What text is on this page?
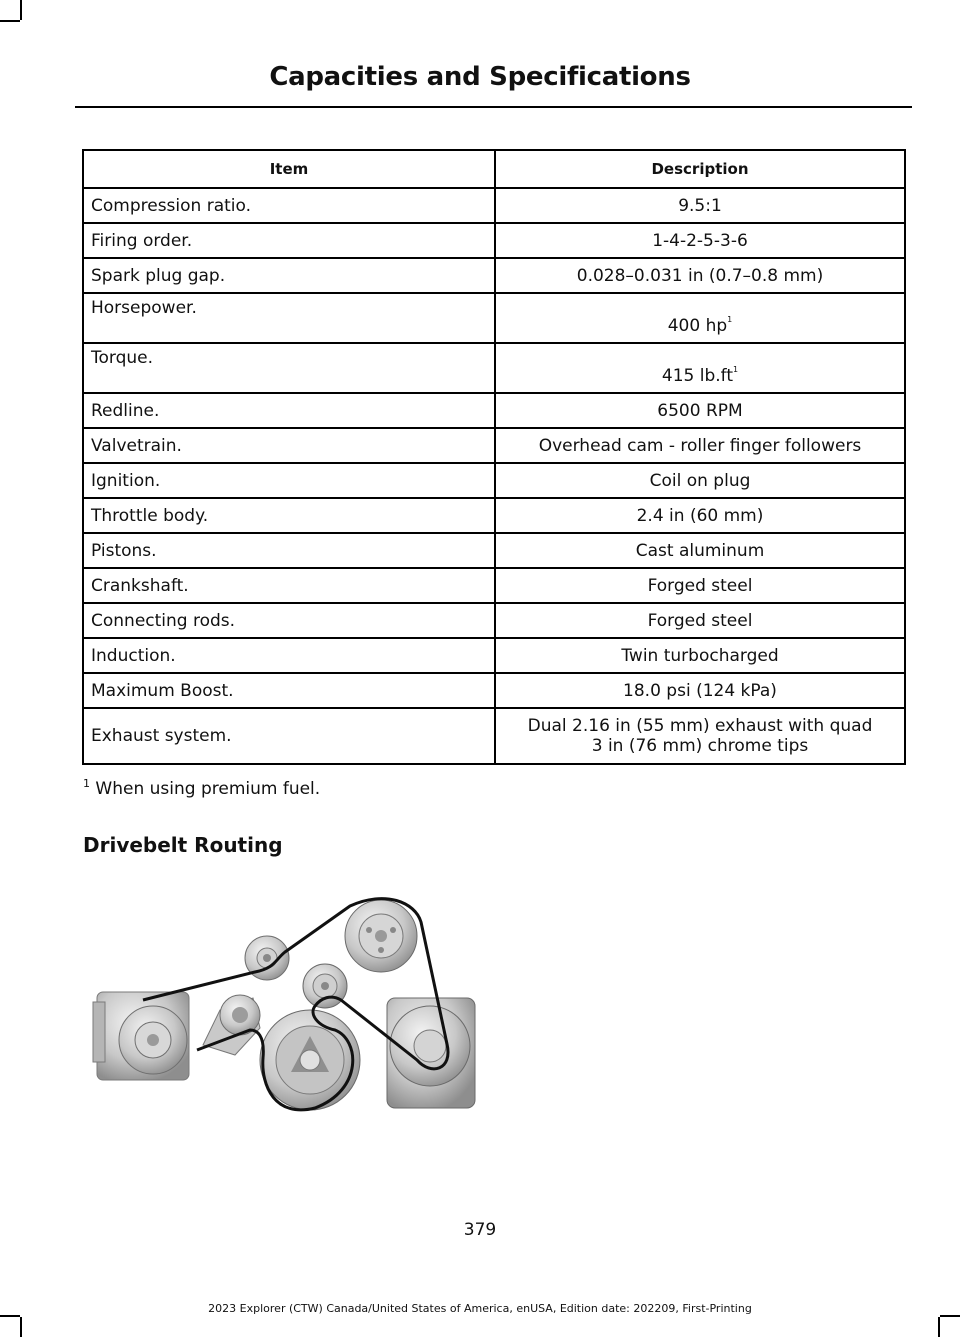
Capacities and Specifications
Item	Description
Compression ratio.	9.5:1
Firing order.	1-4-2-5-3-6
Spark plug gap.	0.028–0.031 in (0.7–0.8 mm)
Horsepower.	400 $hp^1$
Torque.	415 $lb.ft^1$
Redline.	6500 RPM
Valvetrain.	Overhead cam - roller finger followers
Ignition.	Coil on plug
Throttle body.	2.4 in (60 mm)
Pistons.	Cast aluminum
Crankshaft.	Forged steel
Connecting rods.	Forged steel
Induction.	Twin turbocharged
Maximum Boost.	18.0 psi (124 kPa)
Exhaust system.	Dual 2.16 in (55 mm) exhaust with quad
3 in (76 mm) chrome tips
$^1$ When using premium fuel.
Drivebelt Routing
379
2023 Explorer (CTW) Canada/United States of America, enUSA, Edition date: 202209, First-Printing
